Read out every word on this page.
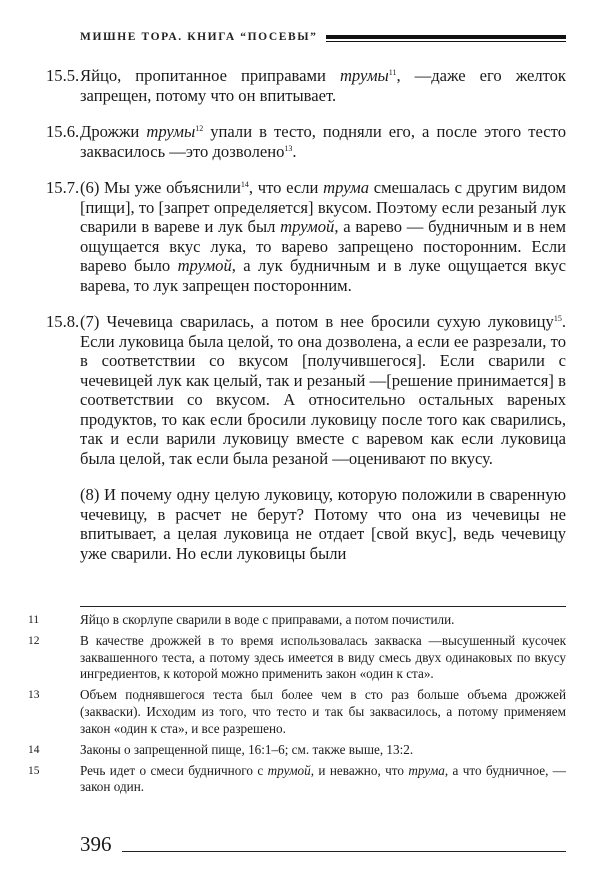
МИШНЕ ТОРА. КНИГА “ПОСЕВЫ”
15.5. Яйцо, пропитанное приправами трумы$^{11}$, —даже его желток запрещен, потому что он впитывает.
15.6. Дрожжи трумы$^{12}$ упали в тесто, подняли его, а после этого тесто заквасилось —это дозволено$^{13}$.
15.7. (6) Мы уже объяснили$^{14}$, что если трума смешалась с другим видом [пищи], то [запрет определяется] вкусом. Поэтому если резаный лук сварили в вареве и лук был трумой, а варево — будничным и в нем ощущается вкус лука, то варево запрещено посторонним. Если варево было трумой, а лук будничным и в луке ощущается вкус варева, то лук запрещен посторонним.
15.8. (7) Чечевица сварилась, а потом в нее бросили сухую луковицу$^{15}$. Если луковица была целой, то она дозволена, а если ее разрезали, то в соответствии со вкусом [получившегося]. Если сварили с чечевицей лук как целый, так и резаный —[решение принимается] в соответствии со вкусом. А относительно остальных вареных продуктов, то как если бросили луковицу после того как сварились, так и если варили луковицу вместе с варевом как если луковица была целой, так если была резаной —оценивают по вкусу.
(8) И почему одну целую луковицу, которую положили в сваренную чечевицу, в расчет не берут? Потому что она из чечевицы не впитывает, а целая луковица не отдает [свой вкус], ведь чечевицу уже сварили. Но если луковицы были
11	Яйцо в скорлупе сварили в воде с приправами, а потом почистили.
12	В качестве дрожжей в то время использовалась закваска —высушенный кусочек заквашенного теста, а потому здесь имеется в виду смесь двух одинаковых по вкусу ингредиентов, к которой можно применить закон «один к ста».
13	Объем поднявшегося теста был более чем в сто раз больше объема дрожжей (закваски). Исходим из того, что тесто и так бы заквасилось, а потому применяем закон «один к ста», и все разрешено.
14	Законы о запрещенной пище, 16:1–6; см. также выше, 13:2.
15	Речь идет о смеси будничного с трумой, и неважно, что трума, а что будничное, —закон один.
396
